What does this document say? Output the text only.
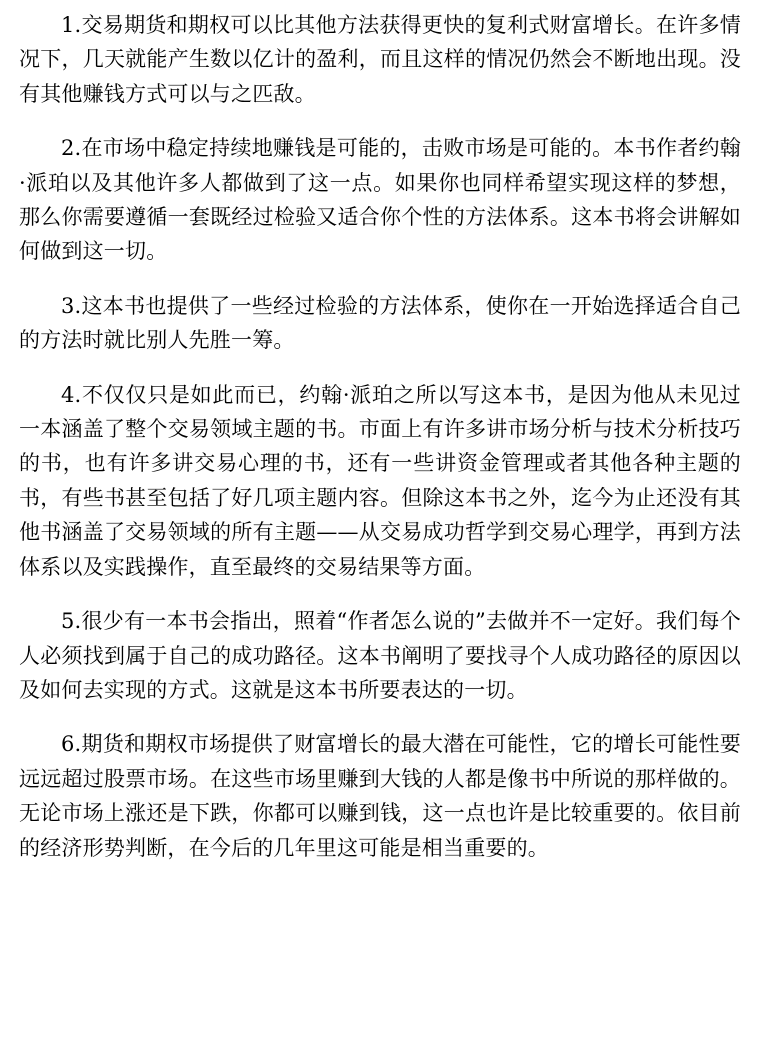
1.交易期货和期权可以比其他方法获得更快的复利式财富增长。在许多情况下，几天就能产生数以亿计的盈利，而且这样的情况仍然会不断地出现。没有其他赚钱方式可以与之匹敌。

2.在市场中稳定持续地赚钱是可能的，击败市场是可能的。本书作者约翰·派珀以及其他许多人都做到了这一点。如果你也同样希望实现这样的梦想，那么你需要遵循一套既经过检验又适合你个性的方法体系。这本书将会讲解如何做到这一切。

3.这本书也提供了一些经过检验的方法体系，使你在一开始选择适合自己的方法时就比别人先胜一筹。

4.不仅仅只是如此而已，约翰·派珀之所以写这本书，是因为他从未见过一本涵盖了整个交易领域主题的书。市面上有许多讲市场分析与技术分析技巧的书，也有许多讲交易心理的书，还有一些讲资金管理或者其他各种主题的书，有些书甚至包括了好几项主题内容。但除这本书之外，迄今为止还没有其他书涵盖了交易领域的所有主题——从交易成功哲学到交易心理学，再到方法体系以及实践操作，直至最终的交易结果等方面。

5.很少有一本书会指出，照着“作者怎么说的”去做并不一定好。我们每个人必须找到属于自己的成功路径。这本书阐明了要找寻个人成功路径的原因以及如何去实现的方式。这就是这本书所要表达的一切。

6.期货和期权市场提供了财富增长的最大潜在可能性，它的增长可能性要远远超过股票市场。在这些市场里赚到大钱的人都是像书中所说的那样做的。无论市场上涨还是下跌，你都可以赚到钱，这一点也许是比较重要的。依目前的经济形势判断，在今后的几年里这可能是相当重要的。
